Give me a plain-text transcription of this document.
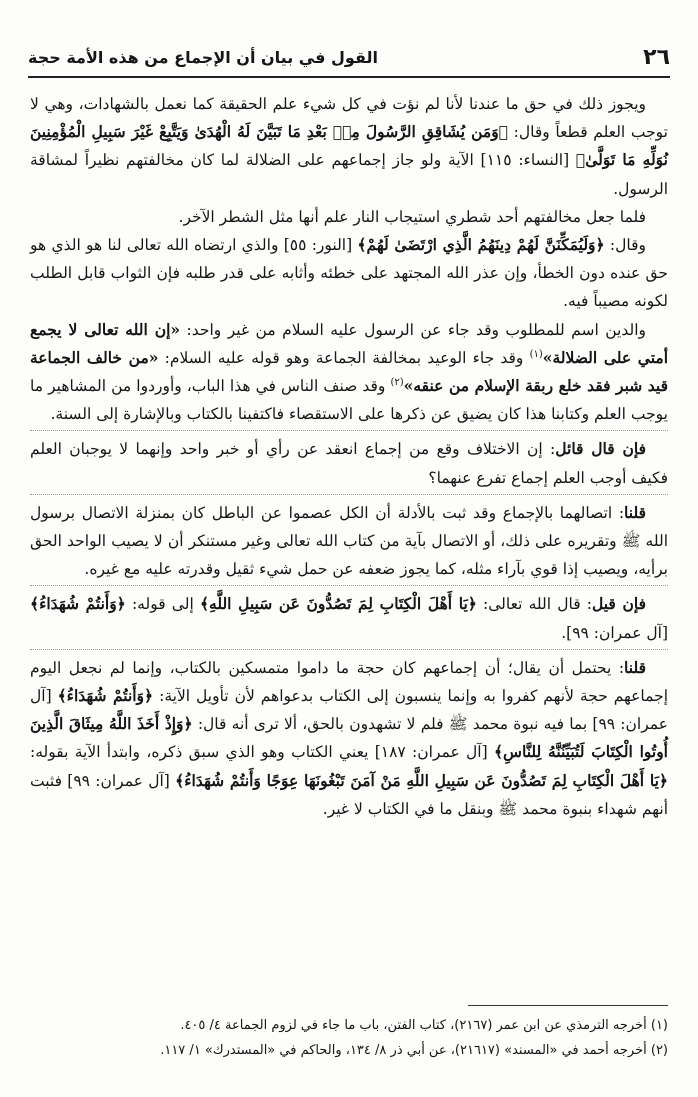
٢٦
القول في بيان أن الإجماع من هذه الأمة حجة

ويجوز ذلك في حق ما عندنا لأنا لم نؤت في كل شيء علم الحقيقة كما نعمل بالشهادات، وهي لا توجب العلم قطعاً وقال: ﴿وَمَن يُشَاقِقِ الرَّسُولَ مِنۢ بَعْدِ مَا تَبَيَّنَ لَهُ الْهُدَىٰ وَيَتَّبِعْ غَيْرَ سَبِيلِ الْمُؤْمِنِينَ نُوَلِّهِ مَا تَوَلَّىٰ﴾ [النساء: ١١٥] الآية ولو جاز إجماعهم على الضلالة لما كان مخالفتهم نظيراً لمشاقة الرسول.

فلما جعل مخالفتهم أحد شطري استيجاب النار علم أنها مثل الشطر الآخر.

وقال: ﴿وَلَيُمَكِّنَنَّ لَهُمْ دِينَهُمُ الَّذِي ارْتَضَىٰ لَهُمْ﴾ [النور: ٥٥] والذي ارتضاه الله تعالى لنا هو الذي هو حق عنده دون الخطأ، وإن عذر الله المجتهد على خطئه وأثابه على قدر طلبه فإن الثواب قابل الطلب لكونه مصيباً فيه.

والدين اسم للمطلوب وقد جاء عن الرسول عليه السلام من غير واحد: «إن الله تعالى لا يجمع أمتي على الضلالة»$^{(١)}$ وقد جاء الوعيد بمخالفة الجماعة وهو قوله عليه السلام: «من خالف الجماعة قيد شبر فقد خلع ربقة الإسلام من عنقه»$^{(٢)}$ وقد صنف الناس في هذا الباب، وأوردوا من المشاهير ما يوجب العلم وكتابنا هذا كان يضيق عن ذكرها على الاستقصاء فاكتفينا بالكتاب وبالإشارة إلى السنة.

فإن قال قائل: إن الاختلاف وقع من إجماع انعقد عن رأي أو خبر واحد وإنهما لا يوجبان العلم فكيف أوجب العلم إجماع تفرع عنهما؟

قلنا: اتصالهما بالإجماع وقد ثبت بالأدلة أن الكل عصموا عن الباطل كان بمنزلة الاتصال برسول الله ﷺ وتقريره على ذلك، أو الاتصال بآية من كتاب الله تعالى وغير مستنكر أن لا يصيب الواحد الحق برأيه، ويصيب إذا قوي بآراء مثله، كما يجوز ضعفه عن حمل شيء ثقيل وقدرته عليه مع غيره.

فإن قيل: قال الله تعالى: ﴿يَا أَهْلَ الْكِتَابِ لِمَ تَصُدُّونَ عَن سَبِيلِ اللَّهِ﴾ إلى قوله: ﴿وَأَنتُمْ شُهَدَاءُ﴾ [آل عمران: ٩٩].

قلنا: يحتمل أن يقال؛ أن إجماعهم كان حجة ما داموا متمسكين بالكتاب، وإنما لم نجعل اليوم إجماعهم حجة لأنهم كفروا به وإنما ينسبون إلى الكتاب بدعواهم لأن تأويل الآية: ﴿وَأَنتُمْ شُهَدَاءُ﴾ [آل عمران: ٩٩] بما فيه نبوة محمد ﷺ فلم لا تشهدون بالحق، ألا ترى أنه قال: ﴿وَإِذْ أَخَذَ اللَّهُ مِيثَاقَ الَّذِينَ أُوتُوا الْكِتَابَ لَتُبَيِّنُنَّهُ لِلنَّاسِ﴾ [آل عمران: ١٨٧] يعني الكتاب وهو الذي سبق ذكره، وابتدأ الآية بقوله: ﴿يَا أَهْلَ الْكِتَابِ لِمَ تَصُدُّونَ عَن سَبِيلِ اللَّهِ مَنْ آمَنَ تَبْغُونَهَا عِوَجًا وَأَنتُمْ شُهَدَاءُ﴾ [آل عمران: ٩٩] فثبت أنهم شهداء بنبوة محمد ﷺ وبنقل ما في الكتاب لا غير.

(١) أخرجه الترمذي عن ابن عمر (٢١٦٧)، كتاب الفتن، باب ما جاء في لزوم الجماعة ٤/ ٤٠٥.

(٢) أخرجه أحمد في «المسند» (٢١٦١٧)، عن أبي ذر ٨/ ١٣٤، والحاكم في «المستدرك» ١/ ١١٧.
